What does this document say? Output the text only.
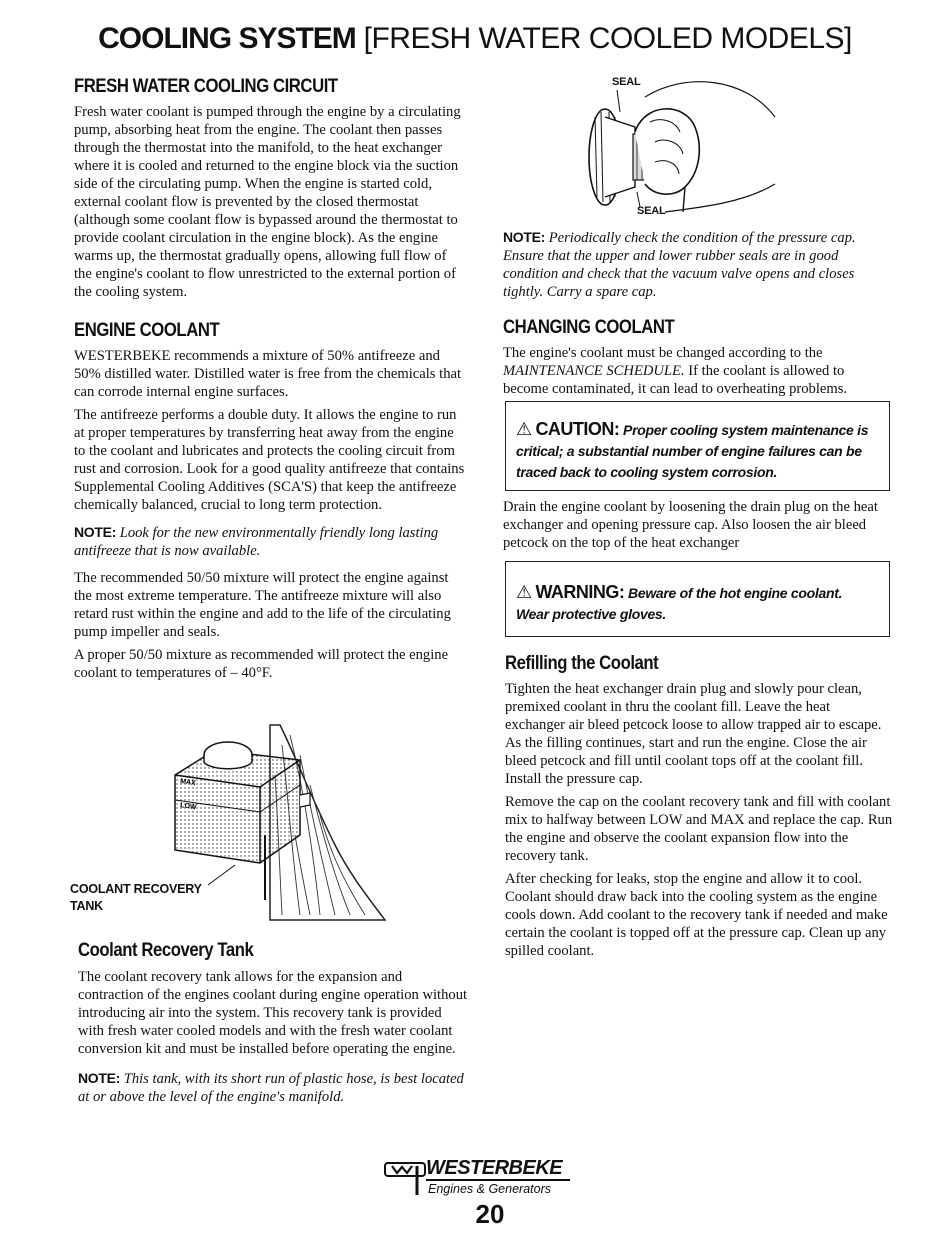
COOLING SYSTEM [FRESH WATER COOLED MODELS]
FRESH WATER COOLING CIRCUIT

Fresh water coolant is pumped through the engine by a circulating pump, absorbing heat from the engine. The coolant then passes through the thermostat into the manifold, to the heat exchanger where it is cooled and returned to the engine block via the suction side of the circulating pump. When the engine is started cold, external coolant flow is prevented by the closed thermostat (although some coolant flow is bypassed around the thermostat to provide coolant circulation in the engine block). As the engine warms up, the thermostat gradually opens, allowing full flow of the engine's coolant to flow unrestricted to the external portion of the cooling system.

ENGINE COOLANT

WESTERBEKE recommends a mixture of 50% antifreeze and 50% distilled water. Distilled water is free from the chemicals that can corrode internal engine surfaces.

The antifreeze performs a double duty. It allows the engine to run at proper temperatures by transferring heat away from the engine to the coolant and lubricates and protects the cooling circuit from rust and corrosion. Look for a good quality antifreeze that contains Supplemental Cooling Additives (SCA'S) that keep the antifreeze chemically balanced, crucial to long term protection.

NOTE: Look for the new environmentally friendly long lasting antifreeze that is now available.

The recommended 50/50 mixture will protect the engine against the most extreme temperature. The antifreeze mixture will also retard rust within the engine and add to the life of the circulating pump impeller and seals.

A proper 50/50 mixture as recommended will protect the engine coolant to temperatures of – 40°F.

MAX
LOW
COOLANT RECOVERY
TANK
Coolant Recovery Tank

The coolant recovery tank allows for the expansion and contraction of the engines coolant during engine operation without introducing air into the system. This recovery tank is provided with fresh water cooled models and with the fresh water coolant conversion kit and must be installed before operating the engine.

NOTE: This tank, with its short run of plastic hose, is best located at or above the level of the engine's manifold.

SEAL
SEAL

NOTE: Periodically check the condition of the pressure cap. Ensure that the upper and lower rubber seals are in good condition and check that the vacuum valve opens and closes tightly. Carry a spare cap.

CHANGING COOLANT

The engine's coolant must be changed according to the MAINTENANCE SCHEDULE. If the coolant is allowed to become contaminated, it can lead to overheating problems.

⚠ CAUTION: Proper cooling system maintenance is critical; a substantial number of engine failures can be traced back to cooling system corrosion.

Drain the engine coolant by loosening the drain plug on the heat exchanger and opening pressure cap. Also loosen the air bleed petcock on the top of the heat exchanger

⚠ WARNING: Beware of the hot engine coolant. Wear protective gloves.
Refilling the Coolant

Tighten the heat exchanger drain plug and slowly pour clean, premixed coolant in thru the coolant fill. Leave the heat exchanger air bleed petcock loose to allow trapped air to escape. As the filling continues, start and run the engine. Close the air bleed petcock and fill until coolant tops off at the coolant fill. Install the pressure cap.

Remove the cap on the coolant recovery tank and fill with coolant mix to halfway between LOW and MAX and replace the cap. Run the engine and observe the coolant expansion flow into the recovery tank.

After checking for leaks, stop the engine and allow it to cool. Coolant should draw back into the cooling system as the engine cools down. Add coolant to the recovery tank if needed and make certain the coolant is topped off at the pressure cap. Clean up any spilled coolant.

WESTERBEKE
Engines & Generators
20
